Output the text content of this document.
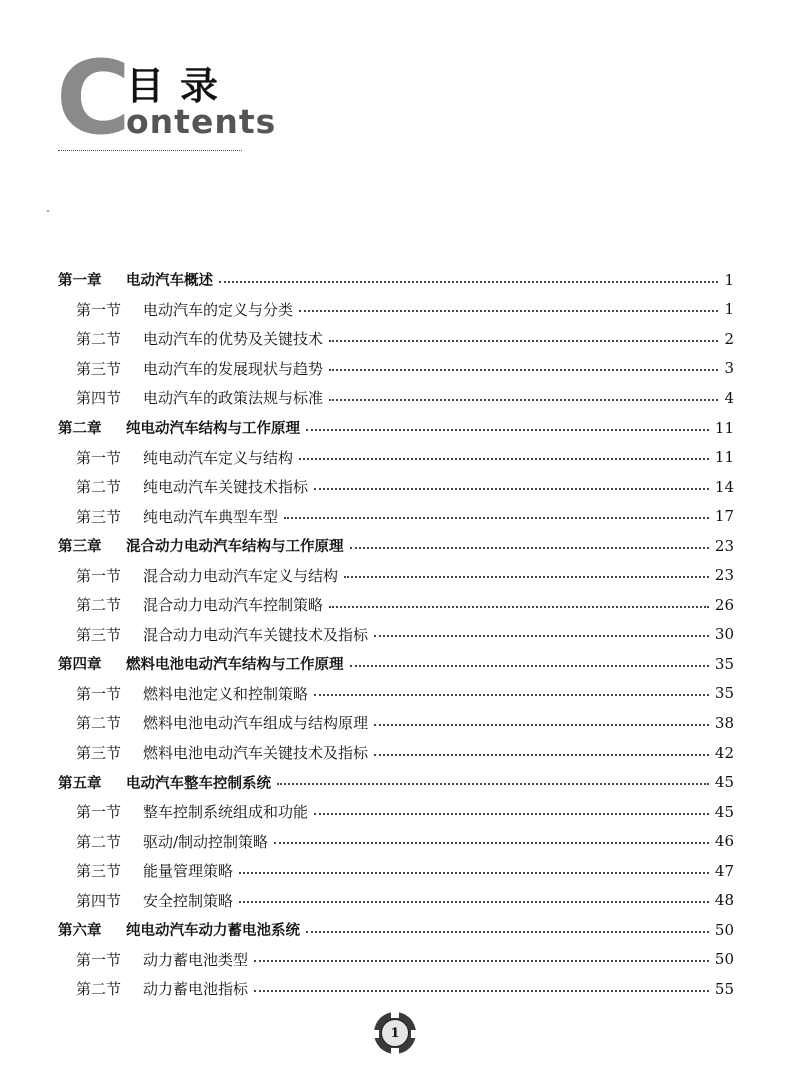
C
目录
ontents
第一章 电动汽车概述	1
第一节 电动汽车的定义与分类	1
第二节 电动汽车的优势及关键技术	2
第三节 电动汽车的发展现状与趋势	3
第四节 电动汽车的政策法规与标准	4
第二章 纯电动汽车结构与工作原理	11
第一节 纯电动汽车定义与结构	11
第二节 纯电动汽车关键技术指标	14
第三节 纯电动汽车典型车型	17
第三章 混合动力电动汽车结构与工作原理	23
第一节 混合动力电动汽车定义与结构	23
第二节 混合动力电动汽车控制策略	26
第三节 混合动力电动汽车关键技术及指标	30
第四章 燃料电池电动汽车结构与工作原理	35
第一节 燃料电池定义和控制策略	35
第二节 燃料电池电动汽车组成与结构原理	38
第三节 燃料电池电动汽车关键技术及指标	42
第五章 电动汽车整车控制系统	45
第一节 整车控制系统组成和功能	45
第二节 驱动/制动控制策略	46
第三节 能量管理策略	47
第四节 安全控制策略	48
第六章 纯电动汽车动力蓄电池系统	50
第一节 动力蓄电池类型	50
第二节 动力蓄电池指标	55
1
